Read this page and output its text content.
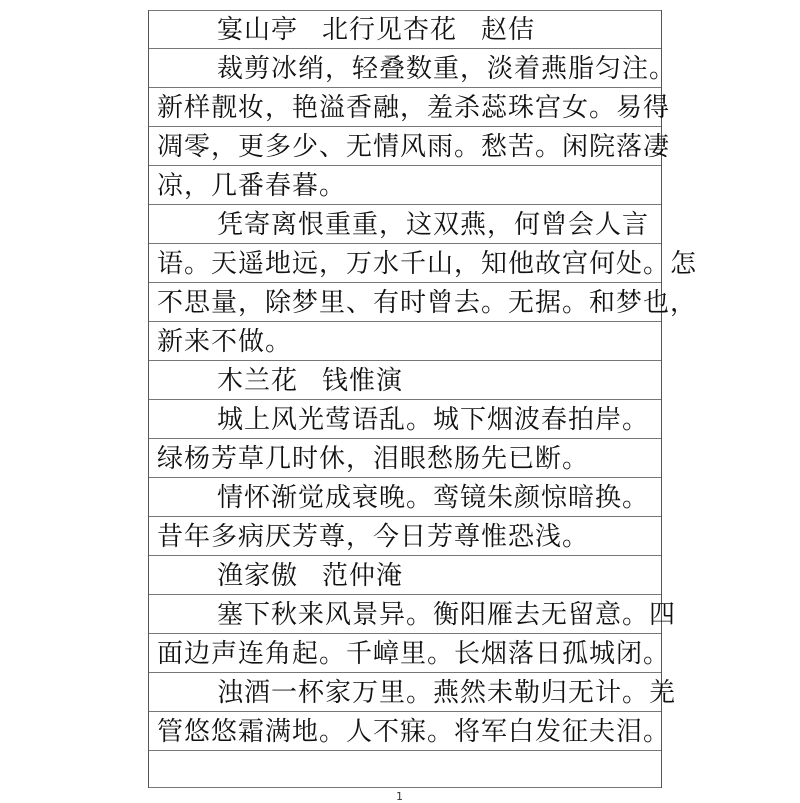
宴山亭 北行见杏花 赵佶
裁剪冰绡，轻叠数重，淡着燕脂匀注。
新样靓妆，艳溢香融，羞杀蕊珠宫女。易得
凋零，更多少、无情风雨。愁苦。闲院落凄
凉，几番春暮。
凭寄离恨重重，这双燕，何曾会人言
语。天遥地远，万水千山，知他故宫何处。怎
不思量，除梦里、有时曾去。无据。和梦也，
新来不做。
木兰花 钱惟演
城上风光莺语乱。城下烟波春拍岸。
绿杨芳草几时休，泪眼愁肠先已断。
情怀渐觉成衰晚。鸾镜朱颜惊暗换。
昔年多病厌芳尊，今日芳尊惟恐浅。
渔家傲 范仲淹
塞下秋来风景异。衡阳雁去无留意。四
面边声连角起。千嶂里。长烟落日孤城闭。
浊酒一杯家万里。燕然未勒归无计。羌
管悠悠霜满地。人不寐。将军白发征夫泪。
1
